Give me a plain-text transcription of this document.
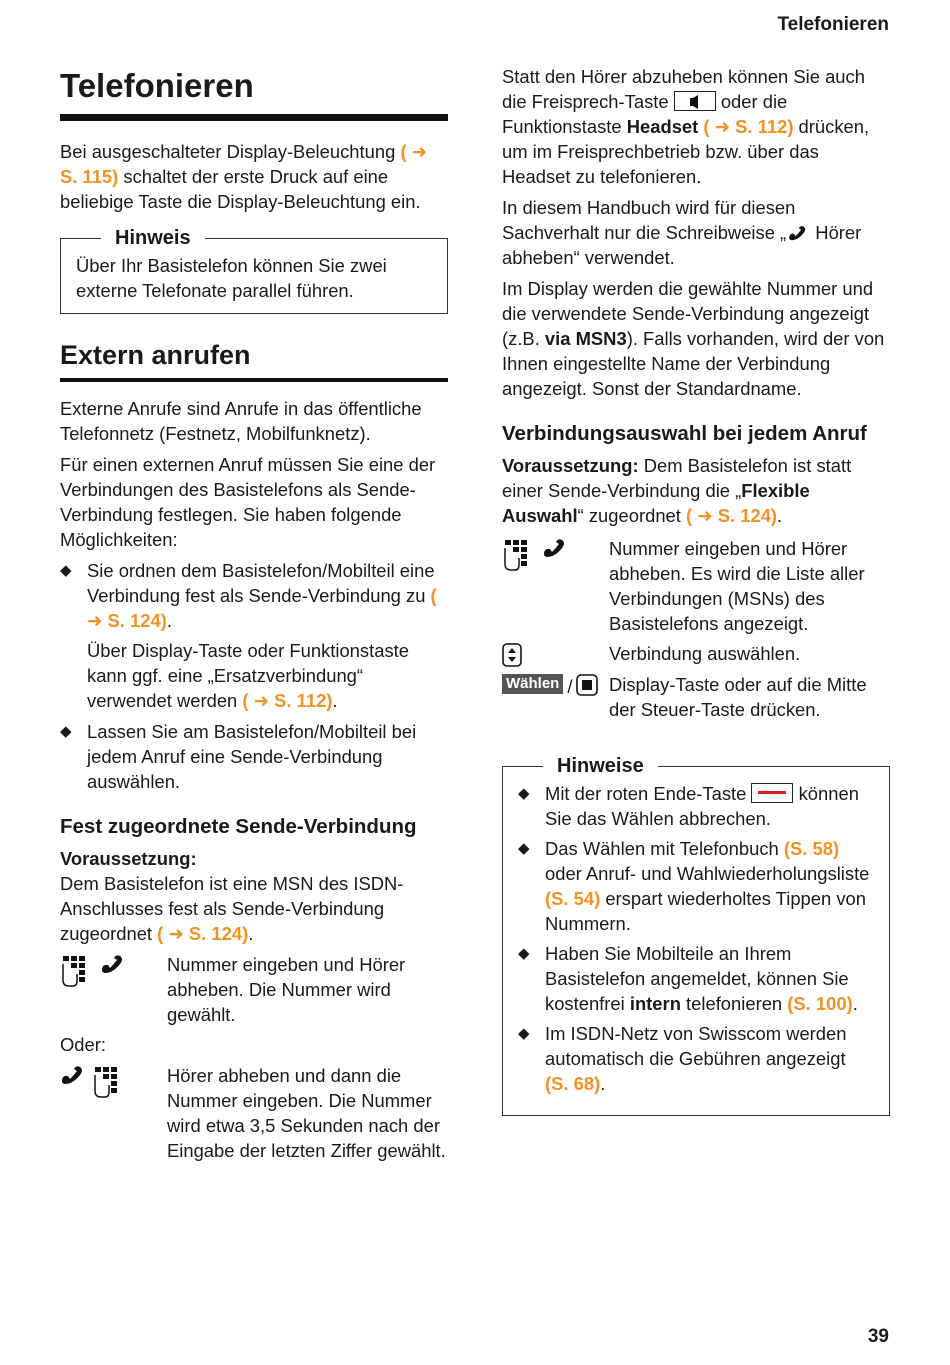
Telefonieren
Telefonieren

Bei ausgeschalteter Display-Beleuchtung ( ➜ S. 115) schaltet der erste Druck auf eine beliebige Taste die Display-Beleuchtung ein.

Hinweis
Über Ihr Basistelefon können Sie zwei externe Telefonate parallel führen.
Extern anrufen

Externe Anrufe sind Anrufe in das öffentliche Telefonnetz (Festnetz, Mobilfunknetz).

Für einen externen Anruf müssen Sie eine der Verbindungen des Basistelefons als Sende-Verbindung festlegen. Sie haben folgende Möglichkeiten:

◆ Sie ordnen dem Basistelefon/Mobilteil eine Verbindung fest als Sende-Verbindung zu ( ➜ S. 124).

Über Display-Taste oder Funktionstaste kann ggf. eine „Ersatzverbindung“ verwendet werden ( ➜ S. 112).

◆ Lassen Sie am Basistelefon/Mobilteil bei jedem Anruf eine Sende-Verbindung auswählen.
Fest zugeordnete Sende-Verbindung

Voraussetzung:
Dem Basistelefon ist eine MSN des ISDN-Anschlusses fest als Sende-Verbindung zugeordnet ( ➜ S. 124).

Nummer eingeben und Hörer abheben. Die Nummer wird gewählt.

Oder:

Hörer abheben und dann die Nummer eingeben. Die Nummer wird etwa 3,5 Sekunden nach der Eingabe der letzten Ziffer gewählt.

Statt den Hörer abzuheben können Sie auch die Freisprech-Taste  oder die Funktionstaste Headset ( ➜ S. 112) drücken, um im Freisprechbetrieb bzw. über das Headset zu telefonieren.

In diesem Handbuch wird für diesen Sachverhalt nur die Schreibweise „ Hörer abheben“ verwendet.

Im Display werden die gewählte Nummer und die verwendete Sende-Verbindung angezeigt (z.B. via MSN3). Falls vorhanden, wird der von Ihnen eingestellte Name der Verbindung angezeigt. Sonst der Standardname.

Verbindungsauswahl bei jedem Anruf

Voraussetzung: Dem Basistelefon ist statt einer Sende-Verbindung die „Flexible Auswahl“ zugeordnet ( ➜ S. 124).

Nummer eingeben und Hörer abheben. Es wird die Liste aller Verbindungen (MSNs) des Basistelefons angezeigt.
Verbindung auswählen.
Wählen / Display-Taste oder auf die Mitte der Steuer-Taste drücken.
Hinweise
◆ Mit der roten Ende-Taste
können Sie das Wählen abbrechen.
◆ Das Wählen mit Telefonbuch (S. 58) oder Anruf- und Wahlwiederholungsliste (S. 54) erspart wiederholtes Tippen von Nummern.
◆ Haben Sie Mobilteile an Ihrem Basistelefon angemeldet, können Sie kostenfrei intern telefonieren (S. 100).
◆ Im ISDN-Netz von Swisscom werden automatisch die Gebühren angezeigt (S. 68).
39
